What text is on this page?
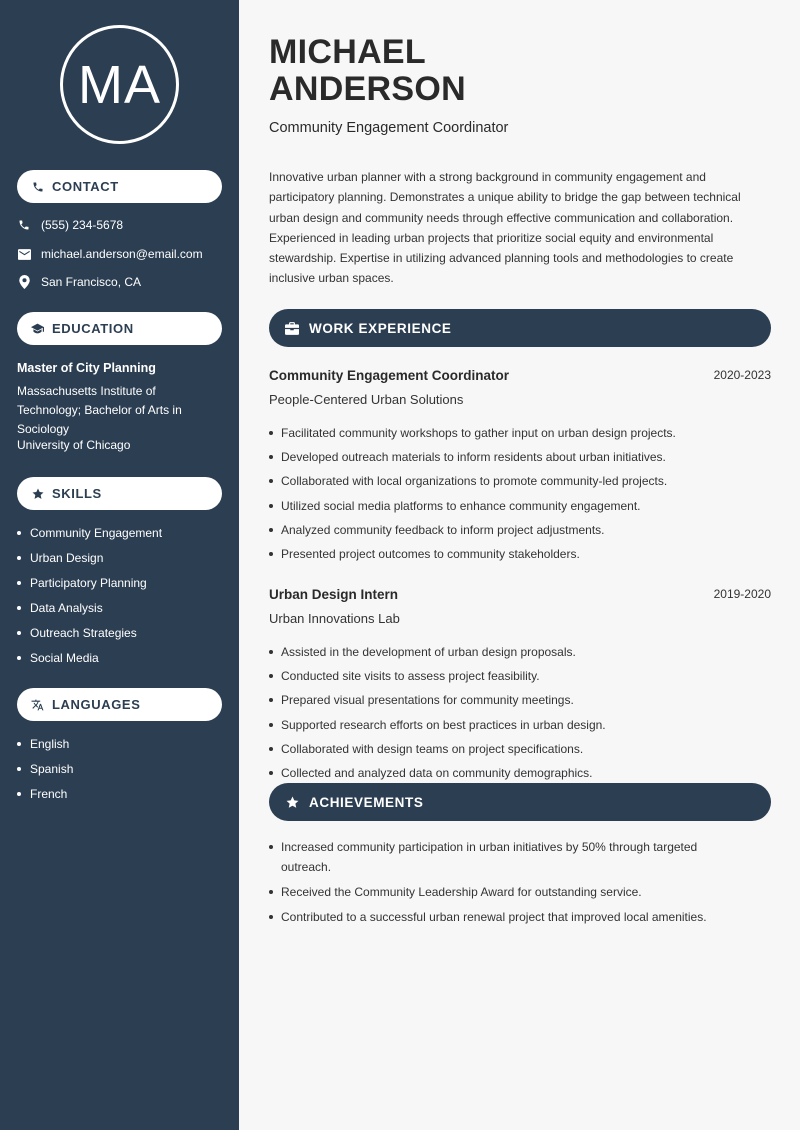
MA
CONTACT
(555) 234-5678
michael.anderson@email.com
San Francisco, CA
EDUCATION
Master of City Planning
Massachusetts Institute of Technology; Bachelor of Arts in Sociology
University of Chicago
SKILLS
Community Engagement
Urban Design
Participatory Planning
Data Analysis
Outreach Strategies
Social Media
LANGUAGES
English
Spanish
French
MICHAEL
ANDERSON
Community Engagement Coordinator

Innovative urban planner with a strong background in community engagement and participatory planning. Demonstrates a unique ability to bridge the gap between technical urban design and community needs through effective communication and collaboration. Experienced in leading urban projects that prioritize social equity and environmental stewardship. Expertise in utilizing advanced planning tools and methodologies to create inclusive urban spaces.

WORK EXPERIENCE
Community Engagement Coordinator	2020-2023
People-Centered Urban Solutions
Facilitated community workshops to gather input on urban design projects.
Developed outreach materials to inform residents about urban initiatives.
Collaborated with local organizations to promote community-led projects.
Utilized social media platforms to enhance community engagement.
Analyzed community feedback to inform project adjustments.
Presented project outcomes to community stakeholders.
Urban Design Intern	2019-2020
Urban Innovations Lab
Assisted in the development of urban design proposals.
Conducted site visits to assess project feasibility.
Prepared visual presentations for community meetings.
Supported research efforts on best practices in urban design.
Collaborated with design teams on project specifications.
Collected and analyzed data on community demographics.
ACHIEVEMENTS
Increased community participation in urban initiatives by 50% through targeted outreach.
Received the Community Leadership Award for outstanding service.
Contributed to a successful urban renewal project that improved local amenities.
